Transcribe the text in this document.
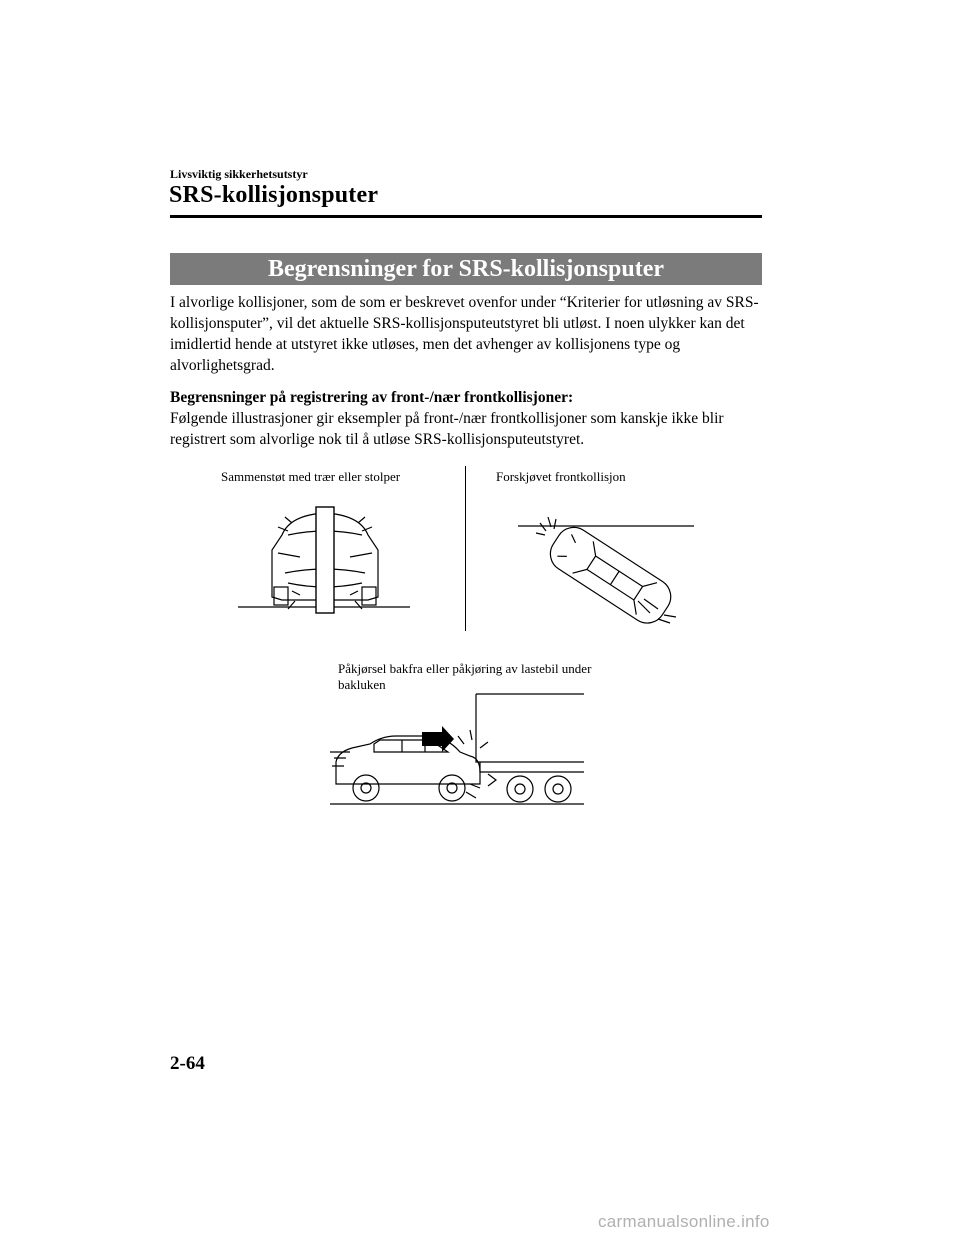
Livsviktig sikkerhetsutstyr
SRS-kollisjonsputer
Begrensninger for SRS-kollisjonsputer
I alvorlige kollisjoner, som de som er beskrevet ovenfor under “Kriterier for utløsning av SRS-kollisjonsputer”, vil det aktuelle SRS-kollisjonsputeutstyret bli utløst. I noen ulykker kan det imidlertid hende at utstyret ikke utløses, men det avhenger av kollisjonens type og alvorlighetsgrad.
Begrensninger på registrering av front-/nær frontkollisjoner:
Følgende illustrasjoner gir eksempler på front-/nær frontkollisjoner som kanskje ikke blir registrert som alvorlige nok til å utløse SRS-kollisjonsputeutstyret.
Sammenstøt med trær eller stolper	Forskjøvet frontkollisjon
Påkjørsel bakfra eller påkjøring av lastebil under bakluken
2-64
carmanualsonline.info
